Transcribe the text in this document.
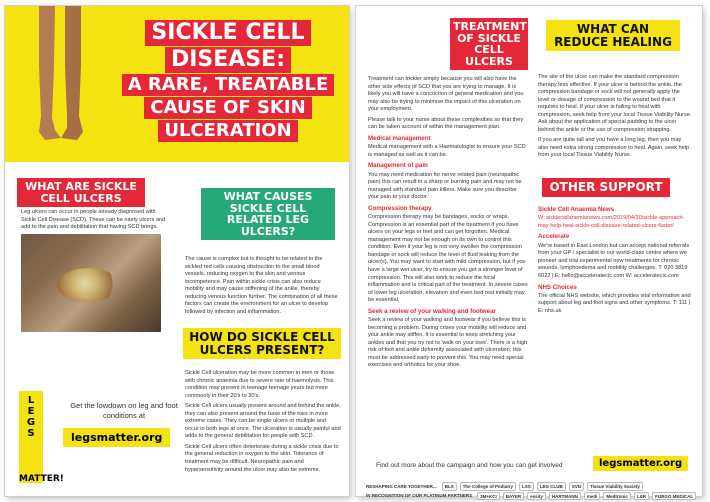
SICKLE CELL
DISEASE:
A RARE, TREATABLE
CAUSE OF SKIN
ULCERATION
WHAT ARE SICKLE CELL ULCERS
Leg ulcers can occur in people already diagnosed with Sickle Cell Disease (SCD). These can be nasty ulcers and add to the pain and debilitation that having SCD brings.
WHAT CAUSES SICKLE CELL RELATED LEG ULCERS?
The cause is complex but is thought to be related to the sickled red cells causing obstruction to the small blood vessels, reducing oxygen to the skin and venous incompetence. Pain within sickle crisis can also reduce mobility and may cause stiffening of the ankle, thereby reducing venous function further. The combination of all these factors can create the environment for an ulcer to develop followed by infection and inflammation.
HOW DO SICKLE CELL ULCERS PRESENT?

Sickle Cell ulceration may be more common in men or those with chronic anaemia due to severe rate of haemolysis. This condition may present in teenage teenage years but more commonly in their 20's to 30's.

Sickle Cell ulcers usually present around and behind the ankle, they can also present around the base of the toes in more extreme cases. They can be single ulcers or multiple and occur in both legs at once. The ulceration is usually painful and adds to the general debilitation for people with SCD.

Sickle Cell ulcers often deteriorate during a sickle crisis due to the general reduction in oxygen to the skin. Tolerance of treatment may be difficult. Neuropathic pain and hypersensitivity around the ulcer may also be extreme.

L
E
G
S
MATTER!
Get the lowdown on leg and foot conditions at
legsmatter.org
TREATMENT OF SICKLE CELL ULCERS

Treatment can trickier simply because you will also have the other side effects of SCD that you are trying to manage. It is likely you will have a concoction of general medication and you may also be trying to minimise the impact of this ulceration on your employment.

Please talk to your nurse about these complexities so that they can be taken account of within the management plan.

Medical management

Medical management with a Haematologist to ensure your SCD is managed as well as it can be.

Management of pain

You may need medication for nerve related pain (neuropathic pain) this can result in a sharp or burning pain and may not be managed with standard pain killers. Make sure you describe your pain to your doctor.

Compression therapy

Compression therapy may be bandages, socks or wraps. Compression is an essential part of the treatment if you have ulcers on your legs or feet and can get forgotten. Medical management may not be enough on its own to control this condition. Even if your leg is not very swollen the compression bandage or sock will reduce the level of fluid leaking from the ulcer(s). You may want to start with mild compression, but if you have a large wet ulcer, try to ensure you get a stronger level of compression. This will also work to reduce the local inflammation and is critical part of the treatment. In severe cases of lower leg ulceration, elevation and even bed rest initially may be essential.

Seek a review of your walking and footwear

Seek a review of your walking and footwear if you believe this is becoming a problem. During crises your mobility will reduce and your ankle may stiffen. It is essential to keep stretching your ankles and that you try not to 'walk on your toes'. There is a high risk of foot and ankle deformity associated with ulceration; this must be addressed early to prevent this. You may need special exercises and orthotics for your shoe.

WHAT CAN REDUCE HEALING

The site of the ulcer can make the standard compression therapy less effective. If your ulcer is behind the ankle, the compression bandage or sock will not generally apply the level or dosage of compression to the wound bed that it requires to heal. If your ulcer is failing to heal with compression, seek help from your local Tissue Viability Nurse. Ask about the application of special padding to the ulcer behind the ankle or the use of compression strapping.

If you are quite tall and you have a long leg, then you may also need extra strong compression to heal. Again, seek help from your local Tissue Viability Nurse.

OTHER SUPPORT
Sickle Cell Anaemia News

W: sicklecellanemianews.com/2019/04/30/sickle-approach-may-help-heal-sickle-cell-disease-related-ulcers-faster/

Accelerate

We're based in East London but can accept national referrals from your GP / specialist to our world-class centre where we pioneer and trial experimental new treatments for chronic wounds, lymphoedema and mobility challenges. T: 020 3819 6022 | E: hello@acceleratecic.com W: acceleratecic.com

NHS Choices

The official NHS website, which provides vital information and support about leg and foot signs and other symptoms. T: 111 | E: nhs.uk

Find out more about the campaign and how you can get involved	legsmatter.org
RESHAPING CARE TOGETHER...	BLS	The College of Podiatry	LSS	LEG CLUB	SVN	Tissue Viability Society
IN RECOGNITION OF OUR PLATINUM PARTNERS	3M+KCI	BAYER	essity	HARTMANN	medi	Medtronic	L&R	FURGO MEDICAL
